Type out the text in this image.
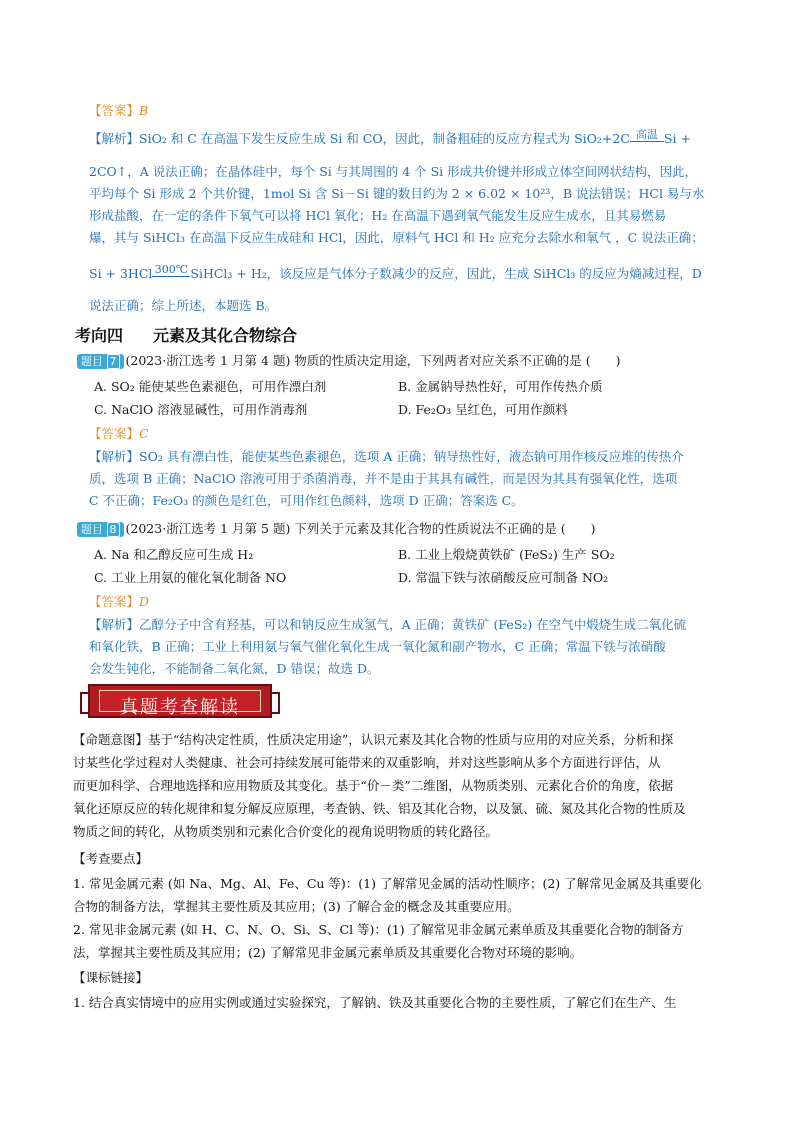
【答案】B
【解析】SiO₂ 和 C 在高温下发生反应生成 Si 和 CO，因此，制备粗硅的反应方程式为 SiO₂+2C 高温 Si +
2CO↑，A 说法正确；在晶体硅中，每个 Si 与其周围的 4 个 Si 形成共价键并形成立体空间网状结构，因此，
平均每个 Si 形成 2 个共价键，1mol Si 含 Si－Si 键的数目约为 2 × 6.02 × 10²³，B 说法错误；HCl 易与水
形成盐酸，在一定的条件下氧气可以将 HCl 氧化；H₂ 在高温下遇到氧气能发生反应生成水，且其易燃易
爆，其与 SiHCl₃ 在高温下反应生成硅和 HCl，因此，原料气 HCl 和 H₂ 应充分去除水和氧气 ，C 说法正确；
Si + 3HCl 300℃ SiHCl₃ + H₂，该反应是气体分子数减少的反应，因此，生成 SiHCl₃ 的反应为熵减过程，D
说法正确；综上所述，本题选 B。
考向四 元素及其化合物综合
题目 7 (2023·浙江选考 1 月第 4 题) 物质的性质决定用途，下列两者对应关系不正确的是 (　　)
A. SO₂ 能使某些色素褪色，可用作漂白剂	B. 金属钠导热性好，可用作传热介质
C. NaClO 溶液显碱性，可用作消毒剂	D. Fe₂O₃ 呈红色，可用作颜料
【答案】C
【解析】SO₂ 具有漂白性，能使某些色素褪色，选项 A 正确；钠导热性好，液态钠可用作核反应堆的传热介
质，选项 B 正确；NaClO 溶液可用于杀菌消毒，并不是由于其具有碱性，而是因为其具有强氧化性，选项
C 不正确；Fe₂O₃ 的颜色是红色，可用作红色颜料，选项 D 正确；答案选 C。
题目 8 (2023·浙江选考 1 月第 5 题) 下列关于元素及其化合物的性质说法不正确的是 (　　)
A. Na 和乙醇反应可生成 H₂	B. 工业上煅烧黄铁矿 (FeS₂) 生产 SO₂
C. 工业上用氨的催化氧化制备 NO	D. 常温下铁与浓硝酸反应可制备 NO₂
【答案】D
【解析】乙醇分子中含有羟基，可以和钠反应生成氢气，A 正确；黄铁矿 (FeS₂) 在空气中煅烧生成二氧化硫
和氧化铁，B 正确；工业上利用氨与氧气催化氧化生成一氧化氮和副产物水，C 正确；常温下铁与浓硝酸
会发生钝化，不能制备二氧化氮，D 错误；故选 D。
真题考查解读
【命题意图】基于“结构决定性质，性质决定用途”，认识元素及其化合物的性质与应用的对应关系，分析和探
讨某些化学过程对人类健康、社会可持续发展可能带来的双重影响，并对这些影响从多个方面进行评估，从
而更加科学、合理地选择和应用物质及其变化。基于“价－类”二维图，从物质类别、元素化合价的角度，依据
氧化还原反应的转化规律和复分解反应原理，考查钠、铁、铝及其化合物，以及氯、硫、氮及其化合物的性质及
物质之间的转化，从物质类别和元素化合价变化的视角说明物质的转化路径。
【考查要点】
1. 常见金属元素 (如 Na、Mg、Al、Fe、Cu 等)：(1) 了解常见金属的活动性顺序；(2) 了解常见金属及其重要化
合物的制备方法，掌握其主要性质及其应用；(3) 了解合金的概念及其重要应用。
2. 常见非金属元素 (如 H、C、N、O、Si、S、Cl 等)：(1) 了解常见非金属元素单质及其重要化合物的制备方
法，掌握其主要性质及其应用；(2) 了解常见非金属元素单质及其重要化合物对环境的影响。
【课标链接】
1. 结合真实情境中的应用实例或通过实验探究，了解钠、铁及其重要化合物的主要性质，了解它们在生产、生
